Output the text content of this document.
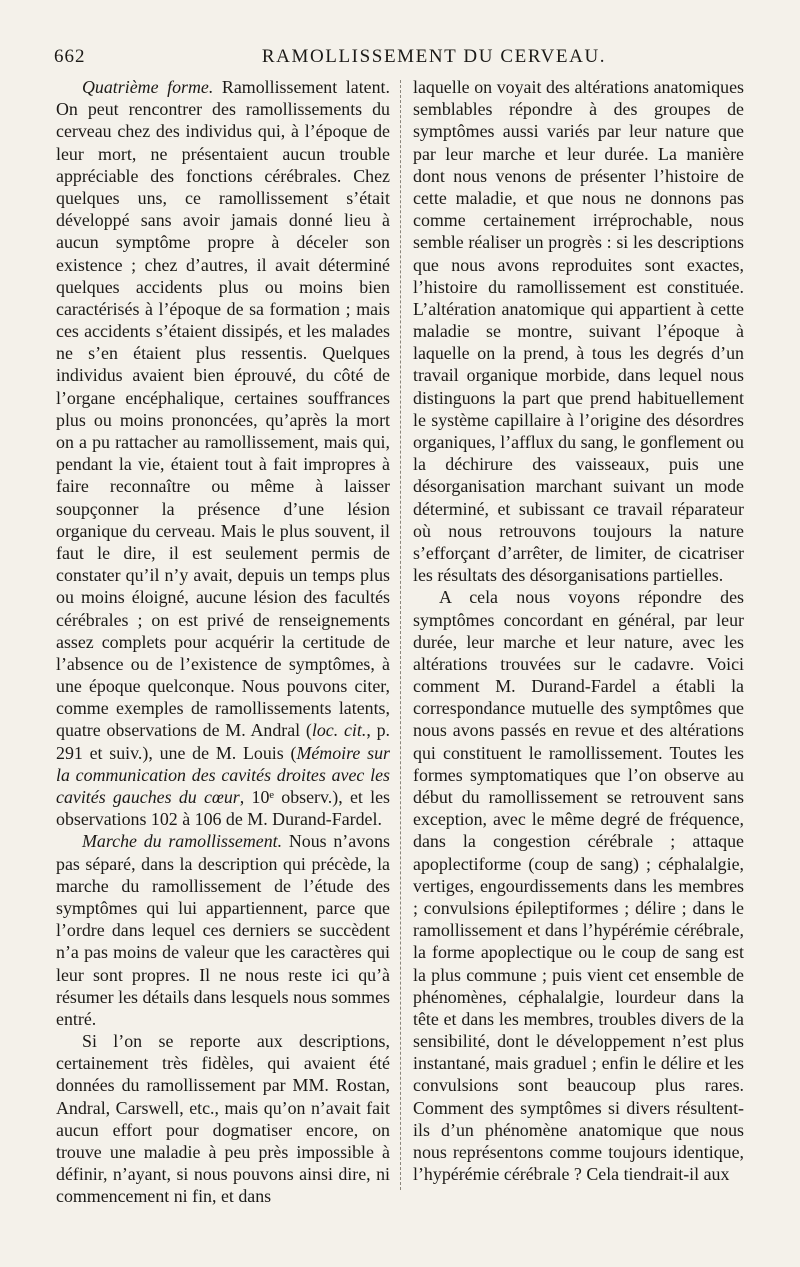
662	RAMOLLISSEMENT DU CERVEAU.

Quatrième forme. Ramollissement latent. On peut rencontrer des ramollissements du cerveau chez des individus qui, à l’époque de leur mort, ne présentaient aucun trouble appréciable des fonctions cérébrales. Chez quelques uns, ce ramollissement s’était développé sans avoir jamais donné lieu à aucun symptôme propre à déceler son existence ; chez d’autres, il avait déterminé quelques accidents plus ou moins bien caractérisés à l’époque de sa formation ; mais ces accidents s’étaient dissipés, et les malades ne s’en étaient plus ressentis. Quelques individus avaient bien éprouvé, du côté de l’organe encéphalique, certaines souffrances plus ou moins prononcées, qu’après la mort on a pu rattacher au ramollissement, mais qui, pendant la vie, étaient tout à fait impropres à faire reconnaître ou même à laisser soupçonner la présence d’une lésion organique du cerveau. Mais le plus souvent, il faut le dire, il est seulement permis de constater qu’il n’y avait, depuis un temps plus ou moins éloigné, aucune lésion des facultés cérébrales ; on est privé de renseignements assez complets pour acquérir la certitude de l’absence ou de l’existence de symptômes, à une époque quelconque. Nous pouvons citer, comme exemples de ramollissements latents, quatre observations de M. Andral (loc. cit., p. 291 et suiv.), une de M. Louis (Mémoire sur la communication des cavités droites avec les cavités gauches du cœur, 10ᵉ observ.), et les observations 102 à 106 de M. Durand-Fardel.

Marche du ramollissement. Nous n’avons pas séparé, dans la description qui précède, la marche du ramollissement de l’étude des symptômes qui lui appartiennent, parce que l’ordre dans lequel ces derniers se succèdent n’a pas moins de valeur que les caractères qui leur sont propres. Il ne nous reste ici qu’à résumer les détails dans lesquels nous sommes entré.

Si l’on se reporte aux descriptions, certainement très fidèles, qui avaient été données du ramollissement par MM. Rostan, Andral, Carswell, etc., mais qu’on n’avait fait aucun effort pour dogmatiser encore, on trouve une maladie à peu près impossible à définir, n’ayant, si nous pouvons ainsi dire, ni commencement ni fin, et dans

laquelle on voyait des altérations anatomiques semblables répondre à des groupes de symptômes aussi variés par leur nature que par leur marche et leur durée. La manière dont nous venons de présenter l’histoire de cette maladie, et que nous ne donnons pas comme certainement irréprochable, nous semble réaliser un progrès : si les descriptions que nous avons reproduites sont exactes, l’histoire du ramollissement est constituée. L’altération anatomique qui appartient à cette maladie se montre, suivant l’époque à laquelle on la prend, à tous les degrés d’un travail organique morbide, dans lequel nous distinguons la part que prend habituellement le système capillaire à l’origine des désordres organiques, l’afflux du sang, le gonflement ou la déchirure des vaisseaux, puis une désorganisation marchant suivant un mode déterminé, et subissant ce travail réparateur où nous retrouvons toujours la nature s’efforçant d’arrêter, de limiter, de cicatriser les résultats des désorganisations partielles.

A cela nous voyons répondre des symptômes concordant en général, par leur durée, leur marche et leur nature, avec les altérations trouvées sur le cadavre. Voici comment M. Durand-Fardel a établi la correspondance mutuelle des symptômes que nous avons passés en revue et des altérations qui constituent le ramollissement. Toutes les formes symptomatiques que l’on observe au début du ramollissement se retrouvent sans exception, avec le même degré de fréquence, dans la congestion cérébrale ; attaque apoplectiforme (coup de sang) ; céphalalgie, vertiges, engourdissements dans les membres ; convulsions épileptiformes ; délire ; dans le ramollissement et dans l’hypérémie cérébrale, la forme apoplectique ou le coup de sang est la plus commune ; puis vient cet ensemble de phénomènes, céphalalgie, lourdeur dans la tête et dans les membres, troubles divers de la sensibilité, dont le développement n’est plus instantané, mais graduel ; enfin le délire et les convulsions sont beaucoup plus rares. Comment des symptômes si divers résultent-ils d’un phénomène anatomique que nous nous représentons comme toujours identique, l’hypérémie cérébrale ? Cela tiendrait-il aux
